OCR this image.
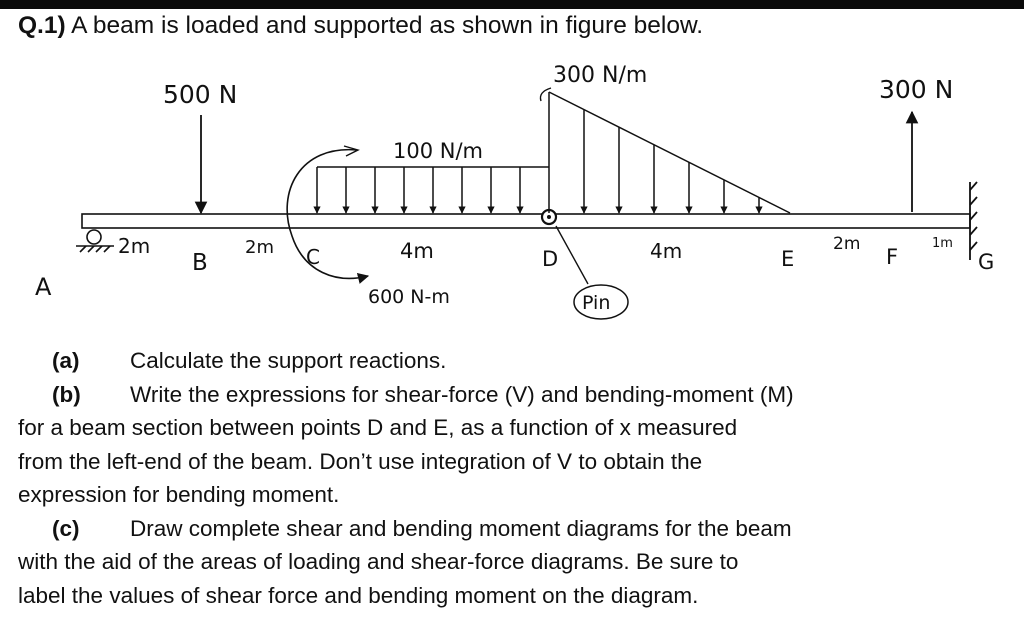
Q.1) A beam is loaded and supported as shown in figure below.
500 N
100 N/m
300 N/m	300 N
600 N-m
A
B	C	D	E	F	G
2m	2m	4m	4m	2m	1m
Pin
(a) Calculate the support reactions.
(b) Write the expressions for shear-force (V) and bending-moment (M)
for a beam section between points D and E, as a function of x measured
from the left-end of the beam. Don’t use integration of V to obtain the
expression for bending moment.
(c) Draw complete shear and bending moment diagrams for the beam
with the aid of the areas of loading and shear-force diagrams. Be sure to
label the values of shear force and bending moment on the diagram.
